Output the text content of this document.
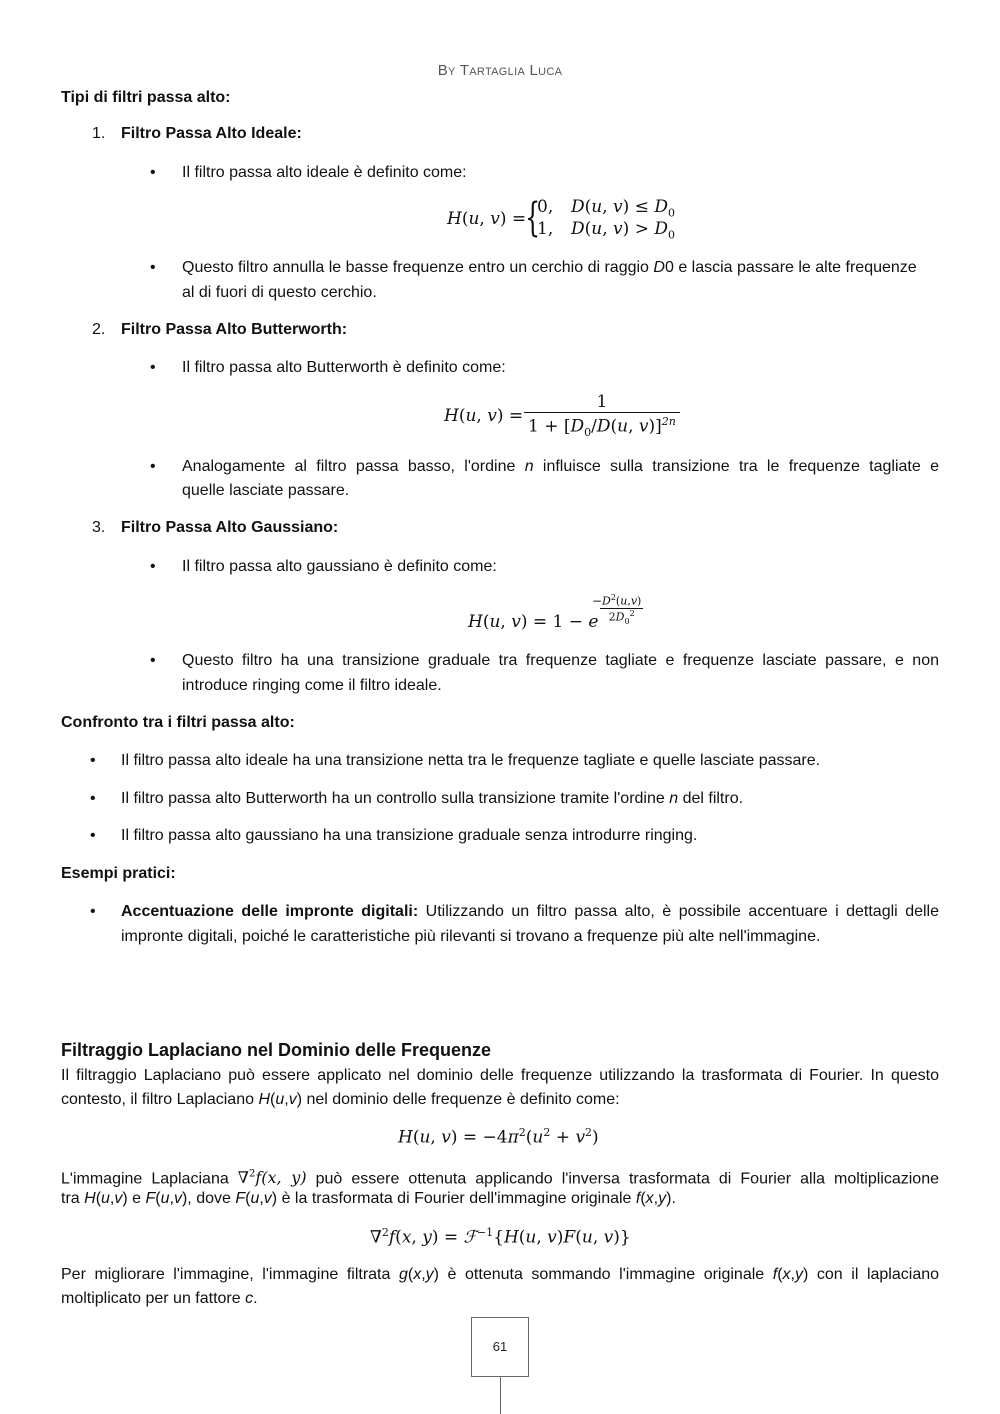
By Tartaglia Luca
Tipi di filtri passa alto:
1. Filtro Passa Alto Ideale:
• Il filtro passa alto ideale è definito come:
H(u, v) =
{
0, D(u, $v) \le D_0$
1, D(u, $v) > D_0$
• Questo filtro annulla le basse frequenze entro un cerchio di raggio D0 e lascia passare le alte frequenze
al di fuori di questo cerchio.
2. Filtro Passa Alto Butterworth:
• Il filtro passa alto Butterworth è definito come:
H(u, $v) = \frac{1}{1 + [D_0/D(u, v)]^{2n}}$
• Analogamente al filtro passa basso, l'ordine n influisce sulla transizione tra le frequenze tagliate e
quelle lasciate passare.
3. Filtro Passa Alto Gaussiano:
• Il filtro passa alto gaussiano è definito come:
H(u, v) = 1 − e
−
$\frac{D^2(u,v)}{2D_0^2}$
• Questo filtro ha una transizione graduale tra frequenze tagliate e frequenze lasciate passare, e non
introduce ringing come il filtro ideale.
Confronto tra i filtri passa alto:
• Il filtro passa alto ideale ha una transizione netta tra le frequenze tagliate e quelle lasciate passare.
• Il filtro passa alto Butterworth ha un controllo sulla transizione tramite l'ordine n del filtro.
• Il filtro passa alto gaussiano ha una transizione graduale senza introdurre ringing.
Esempi pratici:
• Accentuazione delle impronte digitali: Utilizzando un filtro passa alto, è possibile accentuare i dettagli delle
impronte digitali, poiché le caratteristiche più rilevanti si trovano a frequenze più alte nell'immagine.
Filtraggio Laplaciano nel Dominio delle Frequenze
Il filtraggio Laplaciano può essere applicato nel dominio delle frequenze utilizzando la trasformata di Fourier. In questo
contesto, il filtro Laplaciano H(u,v) nel dominio delle frequenze è definito come:
H(u, $v) = -4\pi^2(u^2 + v^2)$
L'immagine Laplaciana ∇$^2$f(x, y) può essere ottenuta applicando l'inversa trasformata di Fourier alla moltiplicazione
tra H(u,v) e F(u,v), dove F(u,v) è la trasformata di Fourier dell'immagine originale f(x,y).
∇$^2$f(x, y) = ℱ$^{-1}${H(u, v)F(u, v)}
Per migliorare l'immagine, l'immagine filtrata g(x,y) è ottenuta sommando l'immagine originale f(x,y) con il laplaciano
moltiplicato per un fattore c.
61
